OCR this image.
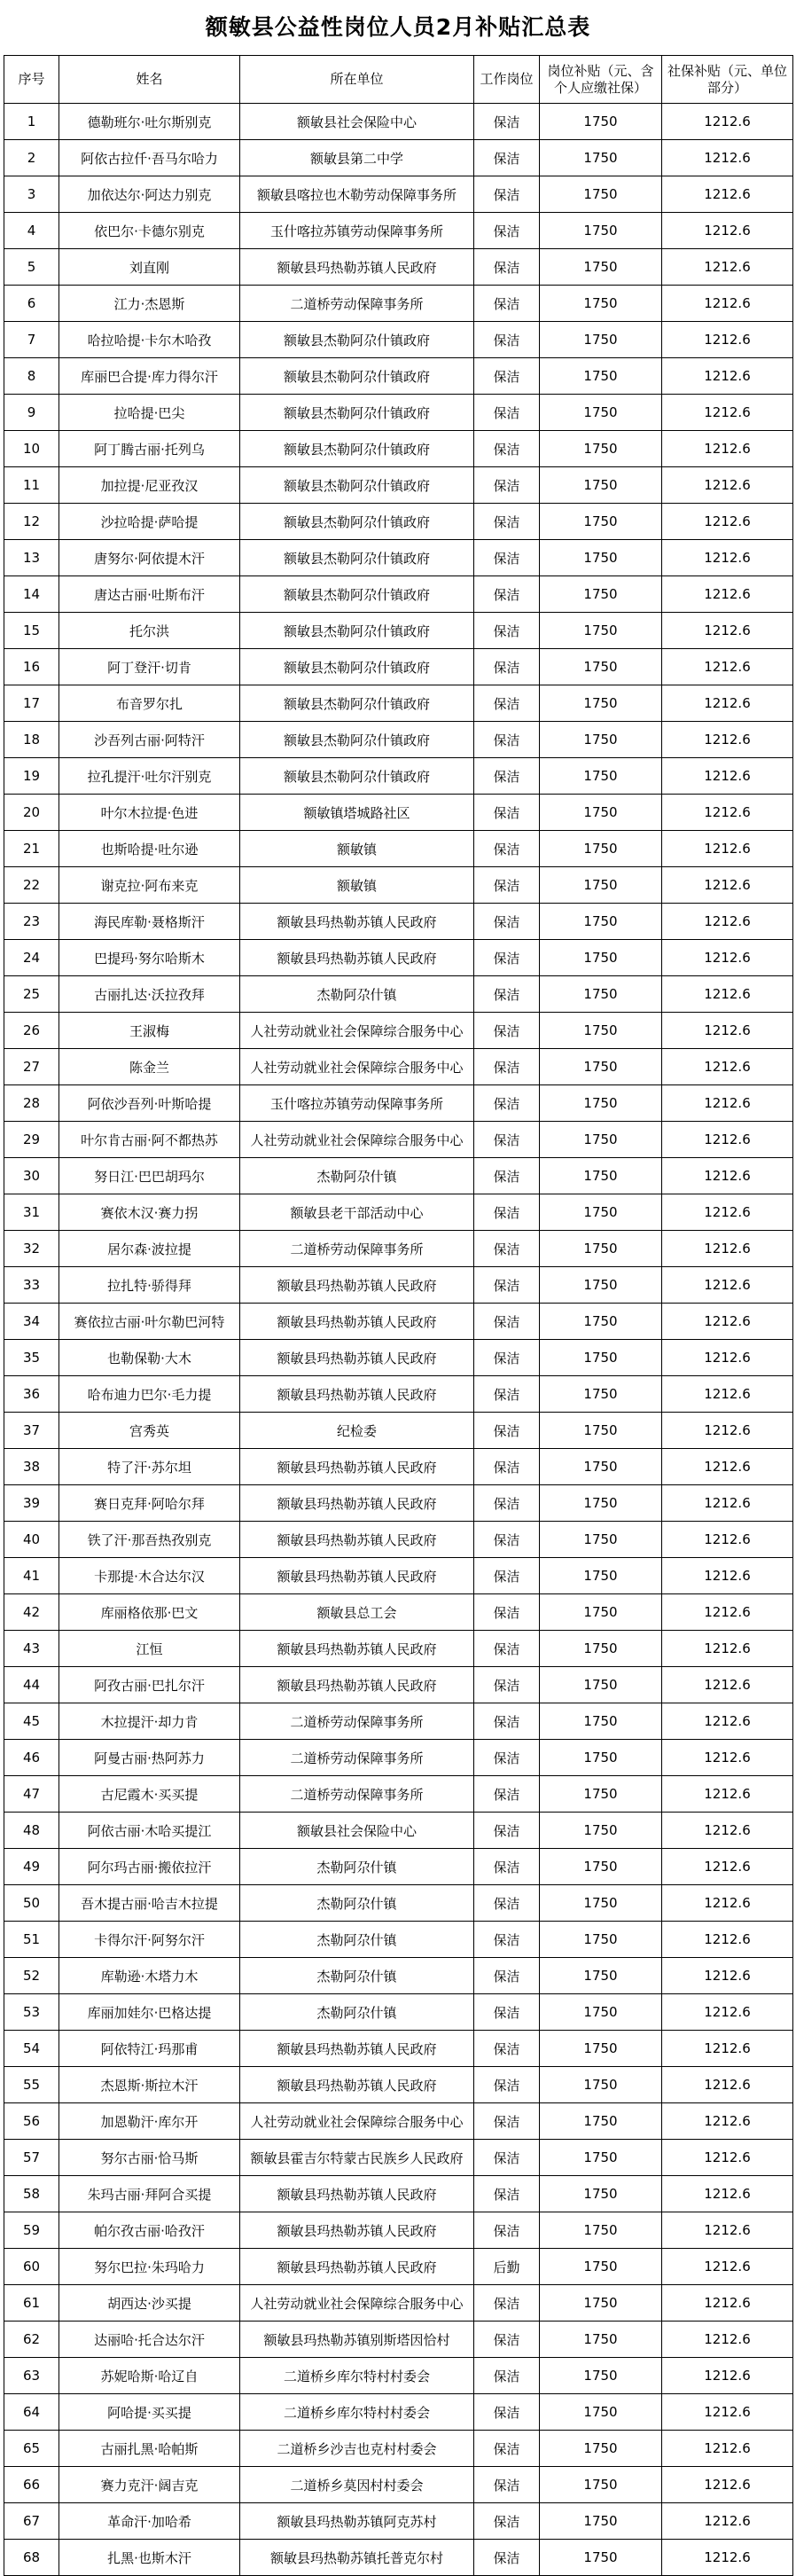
额敏县公益性岗位人员2月补贴汇总表
序号	姓名	所在单位	工作岗位	岗位补贴（元、含个人应缴社保）	社保补贴（元、单位部分）
1	德勒班尔·吐尔斯别克	额敏县社会保险中心	保洁	1750	1212.6
2	阿依古拉仟·吾马尔哈力	额敏县第二中学	保洁	1750	1212.6
3	加依达尔·阿达力别克	额敏县喀拉也木勒劳动保障事务所	保洁	1750	1212.6
4	依巴尔·卡德尔别克	玉什喀拉苏镇劳动保障事务所	保洁	1750	1212.6
5	刘直刚	额敏县玛热勒苏镇人民政府	保洁	1750	1212.6
6	江力·杰恩斯	二道桥劳动保障事务所	保洁	1750	1212.6
7	哈拉哈提·卡尔木哈孜	额敏县杰勒阿尕什镇政府	保洁	1750	1212.6
8	库丽巴合提·库力得尔汗	额敏县杰勒阿尕什镇政府	保洁	1750	1212.6
9	拉哈提·巴尖	额敏县杰勒阿尕什镇政府	保洁	1750	1212.6
10	阿丁腾古丽·托列乌	额敏县杰勒阿尕什镇政府	保洁	1750	1212.6
11	加拉提·尼亚孜汉	额敏县杰勒阿尕什镇政府	保洁	1750	1212.6
12	沙拉哈提·萨哈提	额敏县杰勒阿尕什镇政府	保洁	1750	1212.6
13	唐努尔·阿依提木汗	额敏县杰勒阿尕什镇政府	保洁	1750	1212.6
14	唐达古丽·吐斯布汗	额敏县杰勒阿尕什镇政府	保洁	1750	1212.6
15	托尔洪	额敏县杰勒阿尕什镇政府	保洁	1750	1212.6
16	阿丁登汗·切肯	额敏县杰勒阿尕什镇政府	保洁	1750	1212.6
17	布音罗尔扎	额敏县杰勒阿尕什镇政府	保洁	1750	1212.6
18	沙吾列古丽·阿特汗	额敏县杰勒阿尕什镇政府	保洁	1750	1212.6
19	拉孔提汗·吐尔汗别克	额敏县杰勒阿尕什镇政府	保洁	1750	1212.6
20	叶尔木拉提·色进	额敏镇塔城路社区	保洁	1750	1212.6
21	也斯哈提·吐尔逊	额敏镇	保洁	1750	1212.6
22	谢克拉·阿布来克	额敏镇	保洁	1750	1212.6
23	海民库勒·聂格斯汗	额敏县玛热勒苏镇人民政府	保洁	1750	1212.6
24	巴提玛·努尔哈斯木	额敏县玛热勒苏镇人民政府	保洁	1750	1212.6
25	古丽扎达·沃拉孜拜	杰勒阿尕什镇	保洁	1750	1212.6
26	王淑梅	人社劳动就业社会保障综合服务中心	保洁	1750	1212.6
27	陈金兰	人社劳动就业社会保障综合服务中心	保洁	1750	1212.6
28	阿依沙吾列·叶斯哈提	玉什喀拉苏镇劳动保障事务所	保洁	1750	1212.6
29	叶尔肯古丽·阿不都热苏	人社劳动就业社会保障综合服务中心	保洁	1750	1212.6
30	努日江·巴巴胡玛尔	杰勒阿尕什镇	保洁	1750	1212.6
31	赛依木汉·赛力拐	额敏县老干部活动中心	保洁	1750	1212.6
32	居尔森·波拉提	二道桥劳动保障事务所	保洁	1750	1212.6
33	拉扎特·骄得拜	额敏县玛热勒苏镇人民政府	保洁	1750	1212.6
34	赛依拉古丽·叶尔勒巴河特	额敏县玛热勒苏镇人民政府	保洁	1750	1212.6
35	也勒保勒·大木	额敏县玛热勒苏镇人民政府	保洁	1750	1212.6
36	哈布迪力巴尔·毛力提	额敏县玛热勒苏镇人民政府	保洁	1750	1212.6
37	宫秀英	纪检委	保洁	1750	1212.6
38	特了汗·苏尔坦	额敏县玛热勒苏镇人民政府	保洁	1750	1212.6
39	赛日克拜·阿哈尔拜	额敏县玛热勒苏镇人民政府	保洁	1750	1212.6
40	铁了汗·那吾热孜别克	额敏县玛热勒苏镇人民政府	保洁	1750	1212.6
41	卡那提·木合达尔汉	额敏县玛热勒苏镇人民政府	保洁	1750	1212.6
42	库丽格依那·巴文	额敏县总工会	保洁	1750	1212.6
43	江恒	额敏县玛热勒苏镇人民政府	保洁	1750	1212.6
44	阿孜古丽·巴扎尔汗	额敏县玛热勒苏镇人民政府	保洁	1750	1212.6
45	木拉提汗·却力肯	二道桥劳动保障事务所	保洁	1750	1212.6
46	阿曼古丽·热阿苏力	二道桥劳动保障事务所	保洁	1750	1212.6
47	古尼霞木·买买提	二道桥劳动保障事务所	保洁	1750	1212.6
48	阿依古丽·木哈买提江	额敏县社会保险中心	保洁	1750	1212.6
49	阿尔玛古丽·搬依拉汗	杰勒阿尕什镇	保洁	1750	1212.6
50	吾木提古丽·哈吉木拉提	杰勒阿尕什镇	保洁	1750	1212.6
51	卡得尔汗·阿努尔汗	杰勒阿尕什镇	保洁	1750	1212.6
52	库勒逊·木塔力木	杰勒阿尕什镇	保洁	1750	1212.6
53	库丽加娃尔·巴格达提	杰勒阿尕什镇	保洁	1750	1212.6
54	阿依特江·玛那甫	额敏县玛热勒苏镇人民政府	保洁	1750	1212.6
55	杰恩斯·斯拉木汗	额敏县玛热勒苏镇人民政府	保洁	1750	1212.6
56	加恩勒汗·库尔开	人社劳动就业社会保障综合服务中心	保洁	1750	1212.6
57	努尔古丽·恰马斯	额敏县霍吉尔特蒙古民族乡人民政府	保洁	1750	1212.6
58	朱玛古丽·拜阿合买提	额敏县玛热勒苏镇人民政府	保洁	1750	1212.6
59	帕尔孜古丽·哈孜汗	额敏县玛热勒苏镇人民政府	保洁	1750	1212.6
60	努尔巴拉·朱玛哈力	额敏县玛热勒苏镇人民政府	后勤	1750	1212.6
61	胡西达·沙买提	人社劳动就业社会保障综合服务中心	保洁	1750	1212.6
62	达丽哈·托合达尔汗	额敏县玛热勒苏镇别斯塔因恰村	保洁	1750	1212.6
63	苏妮哈斯·哈辽自	二道桥乡库尔特村村委会	保洁	1750	1212.6
64	阿哈提·买买提	二道桥乡库尔特村村委会	保洁	1750	1212.6
65	古丽扎黑·哈帕斯	二道桥乡沙吉也克村村委会	保洁	1750	1212.6
66	赛力克汗·阔吉克	二道桥乡莫因村村委会	保洁	1750	1212.6
67	革命汗·加哈希	额敏县玛热勒苏镇阿克苏村	保洁	1750	1212.6
68	扎黑·也斯木汗	额敏县玛热勒苏镇托普克尔村	保洁	1750	1212.6
